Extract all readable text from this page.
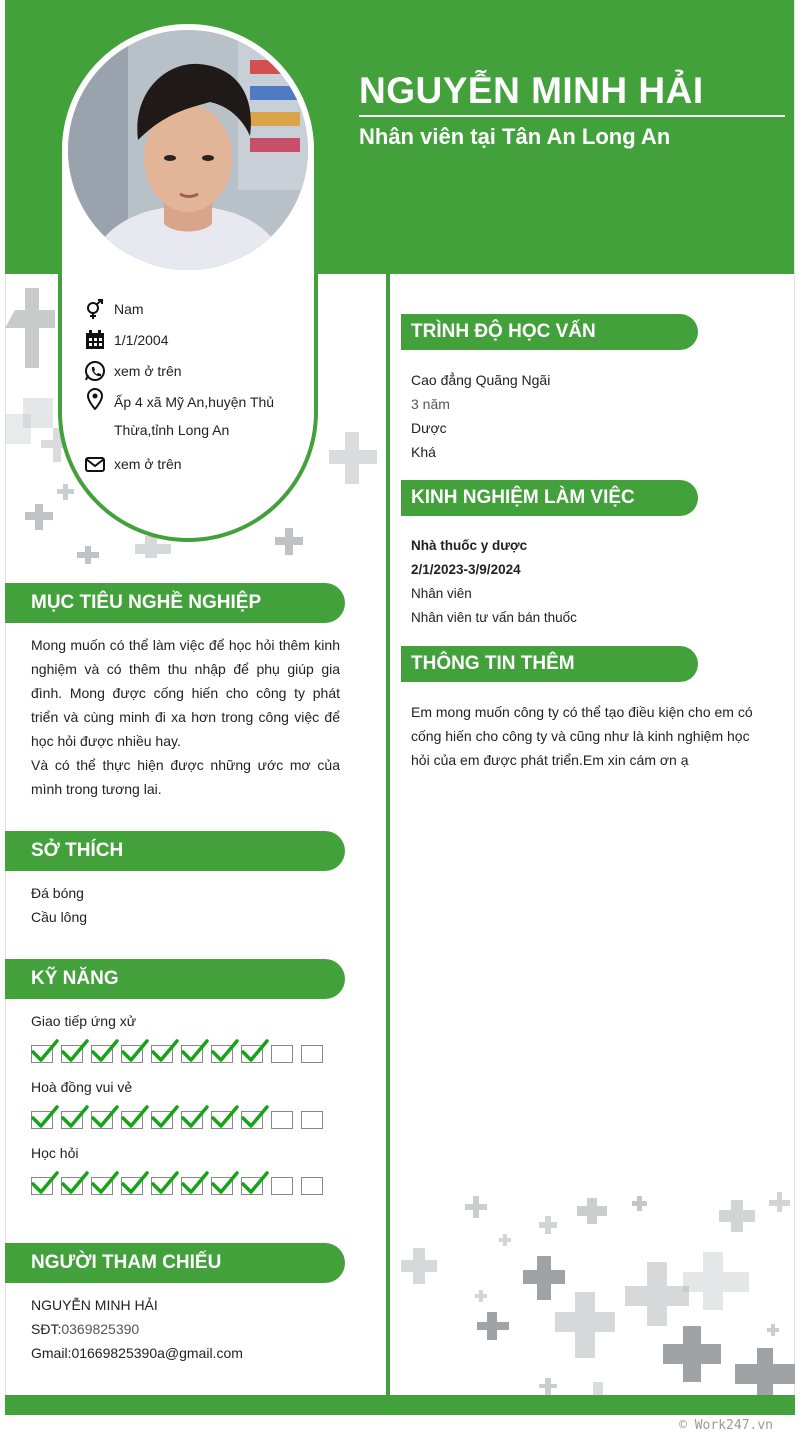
NGUYỄN MINH HẢI
Nhân viên tại Tân An Long An
Nam
1/1/2004
xem ở trên
Ấp 4 xã Mỹ An,huyện Thủ
Thừa,tỉnh Long An
xem ở trên
MỤC TIÊU NGHỀ NGHIỆP

Mong muốn có thể làm việc để học hỏi thêm kinh nghiệm và có thêm thu nhập để phụ giúp gia đình. Mong được cống hiến cho công ty phát triển và cùng minh đi xa hơn trong công việc để học hỏi được nhiều hay.

Và có thể thực hiện được những ước mơ của mình trong tương lai.

SỞ THÍCH
Đá bóng
Cầu lông
KỸ NĂNG
Giao tiếp ứng xử
Hoà đồng vui vẻ
Học hỏi
NGƯỜI THAM CHIẾU
NGUYỄN MINH HẢI
SĐT:0369825390
Gmail:01669825390a@gmail.com
TRÌNH ĐỘ HỌC VẤN
Cao đẳng Quãng Ngãi
3 năm
Dược
Khá
KINH NGHIỆM LÀM VIỆC
Nhà thuốc y dược
2/1/2023-3/9/2024
Nhân viên
Nhân viên tư vấn bán thuốc
THÔNG TIN THÊM

Em mong muốn công ty có thể tạo điều kiện cho em có cống hiến cho công ty và cũng như là kinh nghiệm học hỏi của em được phát triển.Em xin cám ơn ạ

© Work247.vn
